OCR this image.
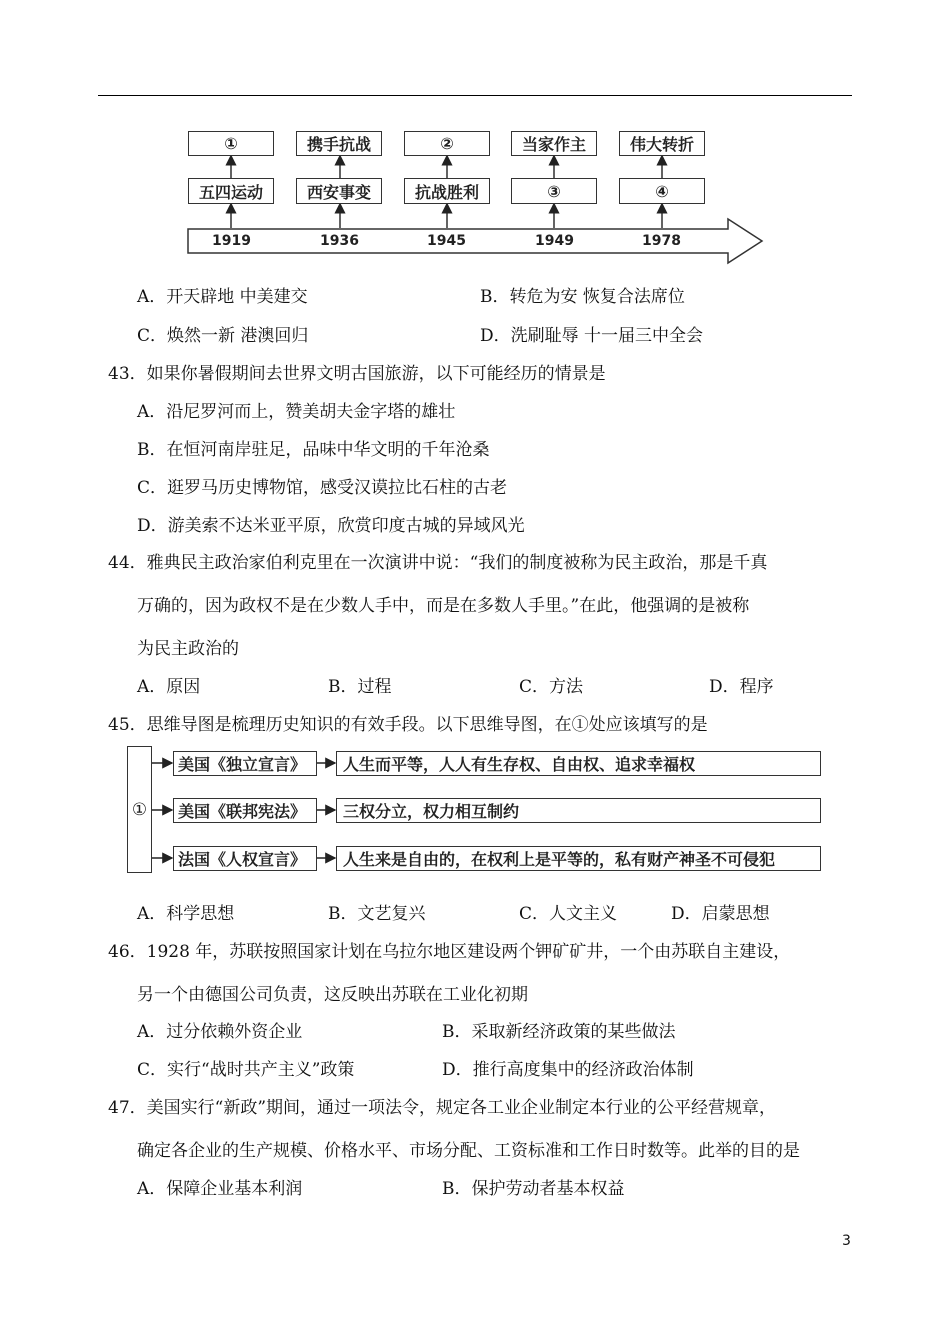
①	携手抗战	②	当家作主	伟大转折
五四运动	西安事变	抗战胜利	③	④
1919	1936	1945	1949	1978
A．开天辟地 中美建交	B．转危为安 恢复合法席位
C．焕然一新 港澳回归	D．洗刷耻辱 十一届三中全会
43．如果你暑假期间去世界文明古国旅游，以下可能经历的情景是
A．沿尼罗河而上，赞美胡夫金字塔的雄壮
B．在恒河南岸驻足，品味中华文明的千年沧桑
C．逛罗马历史博物馆，感受汉谟拉比石柱的古老
D．游美索不达米亚平原，欣赏印度古城的异域风光
44．雅典民主政治家伯利克里在一次演讲中说：“我们的制度被称为民主政治，那是千真
万确的，因为政权不是在少数人手中，而是在多数人手里。”在此，他强调的是被称
为民主政治的
A．原因	B．过程	C．方法	D．程序
45．思维导图是梳理历史知识的有效手段。以下思维导图，在①处应该填写的是
①
美国《独立宣言》
美国《联邦宪法》
法国《人权宣言》
人生而平等，人人有生存权、自由权、追求幸福权
三权分立，权力相互制约
人生来是自由的，在权利上是平等的，私有财产神圣不可侵犯
A．科学思想	B．文艺复兴	C．人文主义	D．启蒙思想
46．1928 年，苏联按照国家计划在乌拉尔地区建设两个钾矿矿井，一个由苏联自主建设，
另一个由德国公司负责，这反映出苏联在工业化初期
A．过分依赖外资企业	B．采取新经济政策的某些做法
C．实行“战时共产主义”政策	D．推行高度集中的经济政治体制
47．美国实行“新政”期间，通过一项法令，规定各工业企业制定本行业的公平经营规章，
确定各企业的生产规模、价格水平、市场分配、工资标准和工作日时数等。此举的目的是
A．保障企业基本利润	B．保护劳动者基本权益
3
